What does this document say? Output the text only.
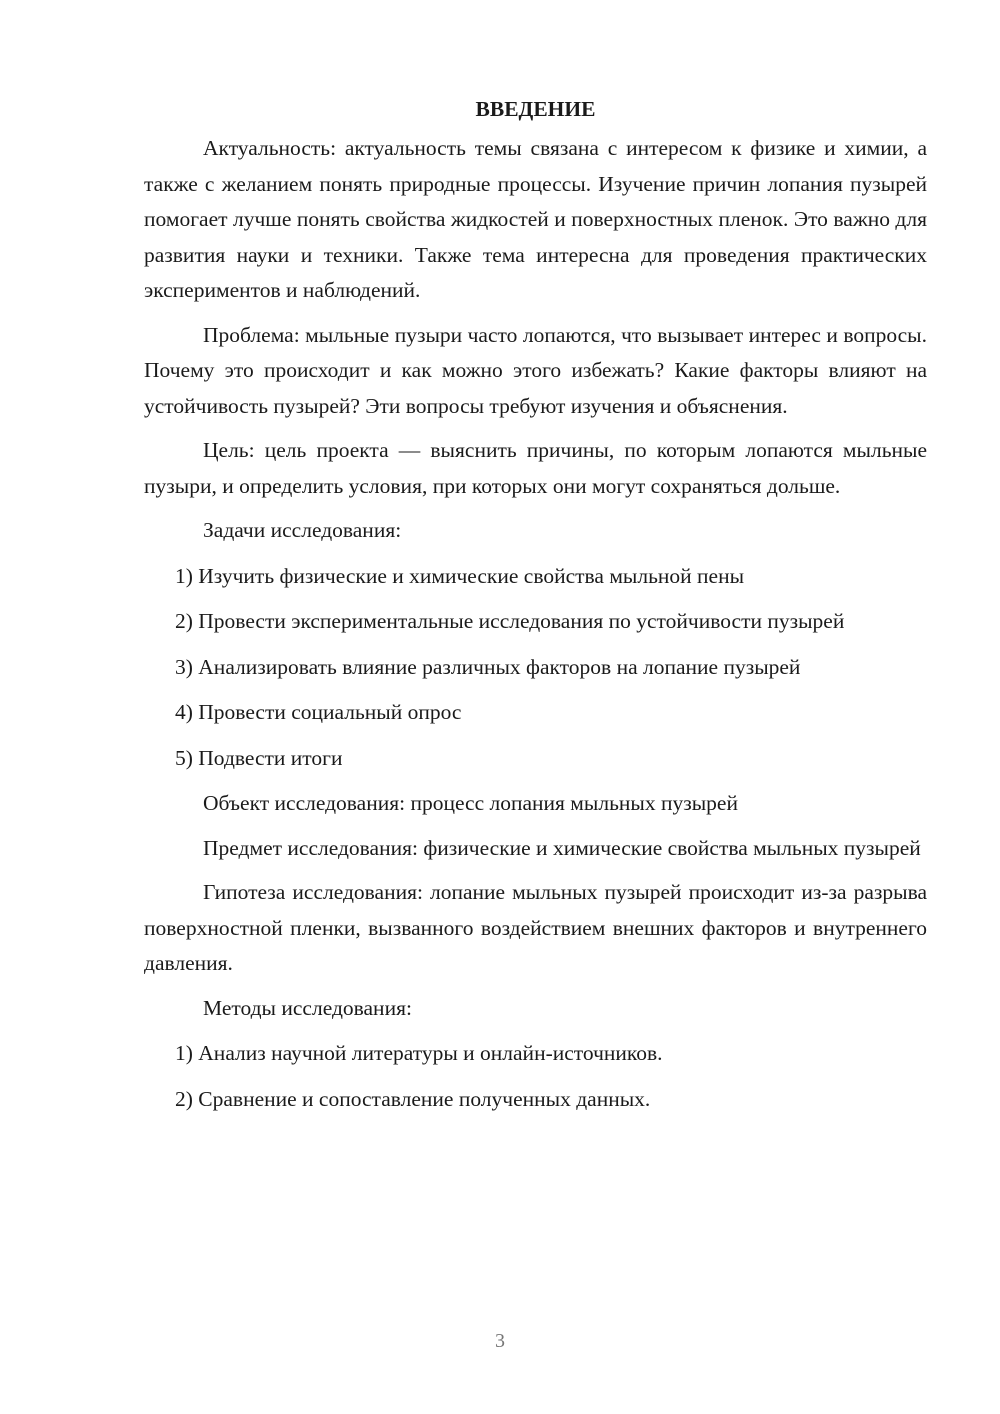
ВВЕДЕНИЕ

Актуальность: актуальность темы связана с интересом к физике и химии, а также с желанием понять природные процессы. Изучение причин лопания пузырей помогает лучше понять свойства жидкостей и поверхностных пленок. Это важно для развития науки и техники. Также тема интересна для проведения практических экспериментов и наблюдений.

Проблема: мыльные пузыри часто лопаются, что вызывает интерес и вопросы. Почему это происходит и как можно этого избежать? Какие факторы влияют на устойчивость пузырей? Эти вопросы требуют изучения и объяснения.

Цель: цель проекта — выяснить причины, по которым лопаются мыльные пузыри, и определить условия, при которых они могут сохраняться дольше.

Задачи исследования:

1) Изучить физические и химические свойства мыльной пены

2) Провести экспериментальные исследования по устойчивости пузырей

3) Анализировать влияние различных факторов на лопание пузырей

4) Провести социальный опрос

5) Подвести итоги

Объект исследования: процесс лопания мыльных пузырей

Предмет исследования: физические и химические свойства мыльных пузырей

Гипотеза исследования: лопание мыльных пузырей происходит из-за разрыва поверхностной пленки, вызванного воздействием внешних факторов и внутреннего давления.

Методы исследования:

1) Анализ научной литературы и онлайн-источников.

2) Сравнение и сопоставление полученных данных.

3
